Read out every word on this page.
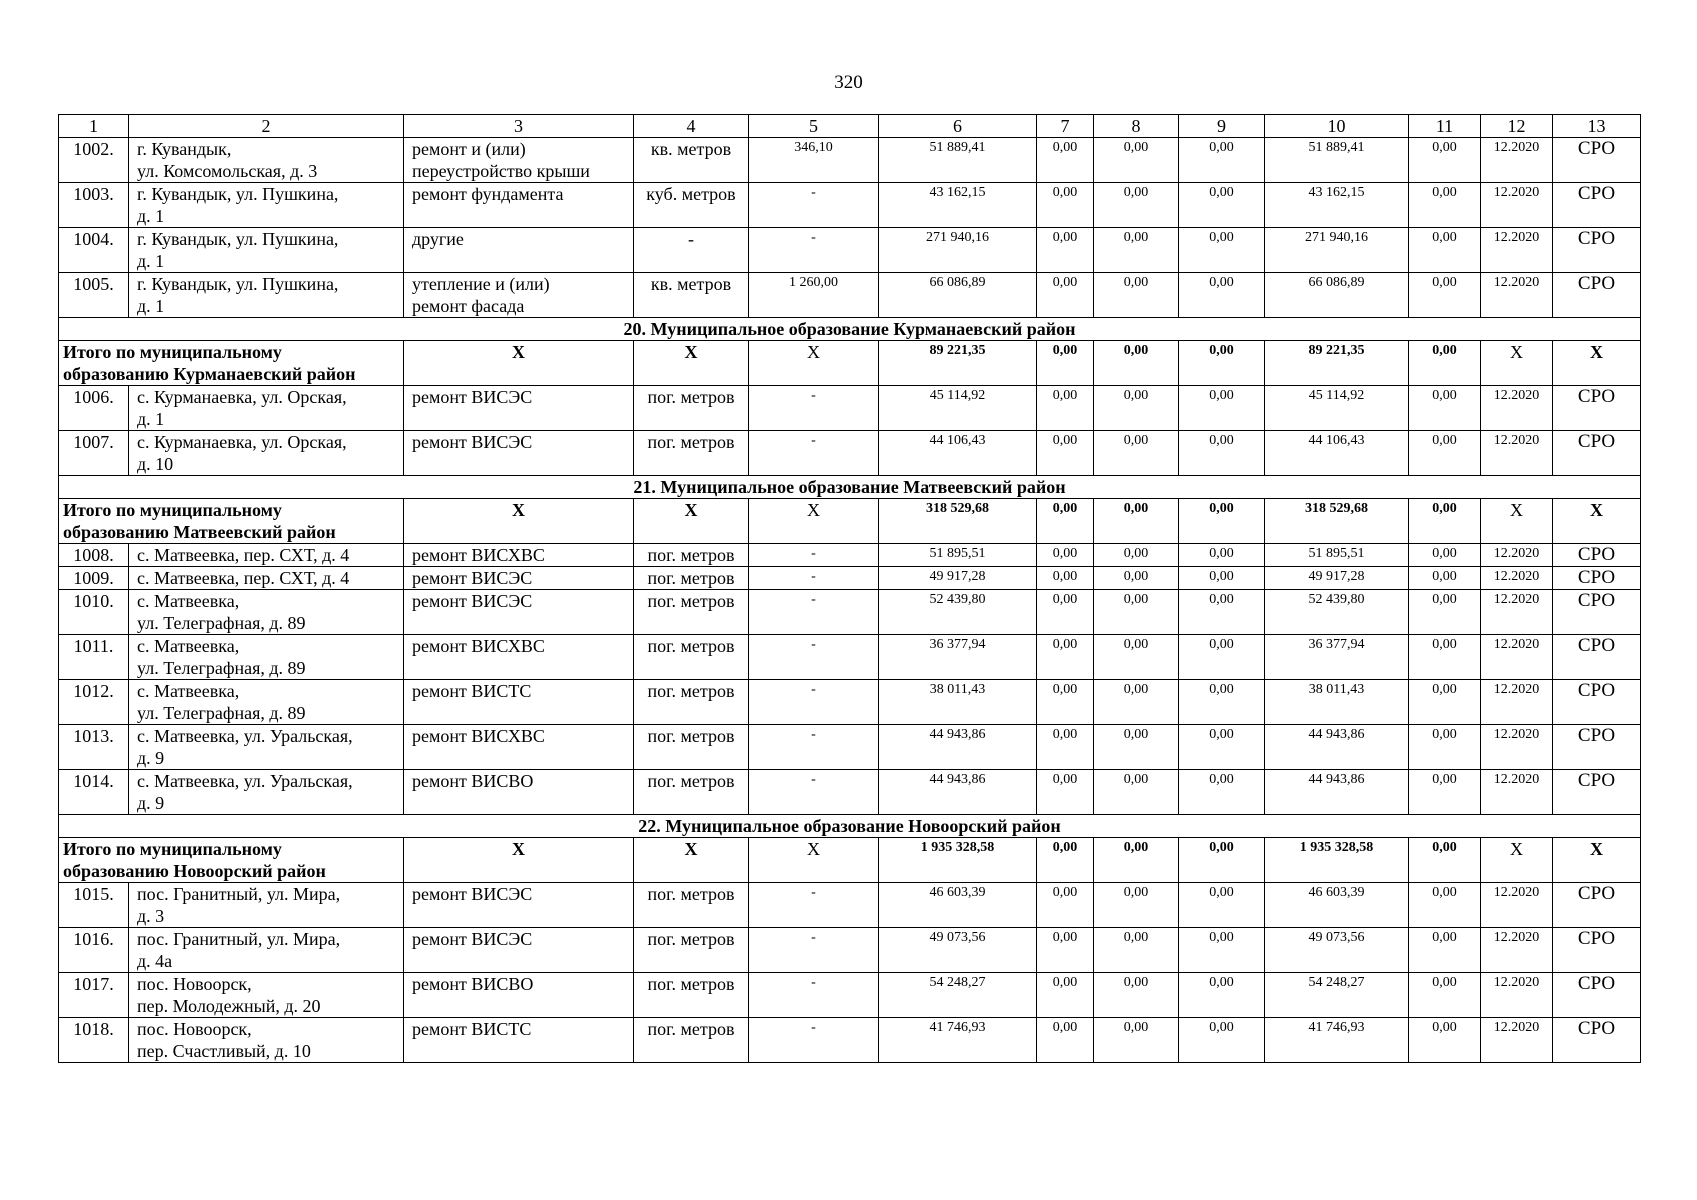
320
1	2	3	4	5	6	7	8	9	10	11	12	13
1002.	г. Кувандык,
ул. Комсомольская, д. 3	ремонт и (или)
переустройство крыши	кв. метров	346,10	51 889,41	0,00	0,00	0,00	51 889,41	0,00	12.2020	СРО
1003.	г. Кувандык, ул. Пушкина,
д. 1	ремонт фундамента	куб. метров	-	43 162,15	0,00	0,00	0,00	43 162,15	0,00	12.2020	СРО
1004.	г. Кувандык, ул. Пушкина,
д. 1	другие	-	-	271 940,16	0,00	0,00	0,00	271 940,16	0,00	12.2020	СРО
1005.	г. Кувандык, ул. Пушкина,
д. 1	утепление и (или)
ремонт фасада	кв. метров	1 260,00	66 086,89	0,00	0,00	0,00	66 086,89	0,00	12.2020	СРО
20. Муниципальное образование Курманаевский район												

Итого по муниципальному
образованию Курманаевский район		X	X	X	89 221,35	0,00	0,00	0,00	89 221,35	0,00	X	X
1006.	с. Курманаевка, ул. Орская,
д. 1	ремонт ВИСЭС	пог. метров	-	45 114,92	0,00	0,00	0,00	45 114,92	0,00	12.2020	СРО
1007.	с. Курманаевка, ул. Орская,
д. 10	ремонт ВИСЭС	пог. метров	-	44 106,43	0,00	0,00	0,00	44 106,43	0,00	12.2020	СРО
21. Муниципальное образование Матвеевский район												

Итого по муниципальному
образованию Матвеевский район		X	X	X	318 529,68	0,00	0,00	0,00	318 529,68	0,00	X	X
1008.	с. Матвеевка, пер. СХТ, д. 4	ремонт ВИСХВС	пог. метров	-	51 895,51	0,00	0,00	0,00	51 895,51	0,00	12.2020	СРО
1009.	с. Матвеевка, пер. СХТ, д. 4	ремонт ВИСЭС	пог. метров	-	49 917,28	0,00	0,00	0,00	49 917,28	0,00	12.2020	СРО
1010.	с. Матвеевка,
ул. Телеграфная, д. 89	ремонт ВИСЭС	пог. метров	-	52 439,80	0,00	0,00	0,00	52 439,80	0,00	12.2020	СРО
1011.	с. Матвеевка,
ул. Телеграфная, д. 89	ремонт ВИСХВС	пог. метров	-	36 377,94	0,00	0,00	0,00	36 377,94	0,00	12.2020	СРО
1012.	с. Матвеевка,
ул. Телеграфная, д. 89	ремонт ВИСТС	пог. метров	-	38 011,43	0,00	0,00	0,00	38 011,43	0,00	12.2020	СРО
1013.	с. Матвеевка, ул. Уральская,
д. 9	ремонт ВИСХВС	пог. метров	-	44 943,86	0,00	0,00	0,00	44 943,86	0,00	12.2020	СРО
1014.	с. Матвеевка, ул. Уральская,
д. 9	ремонт ВИСВО	пог. метров	-	44 943,86	0,00	0,00	0,00	44 943,86	0,00	12.2020	СРО
22. Муниципальное образование Новоорский район												

Итого по муниципальному
образованию Новоорский район		X	X	X	1 935 328,58	0,00	0,00	0,00	1 935 328,58	0,00	X	X
1015.	пос. Гранитный, ул. Мира,
д. 3	ремонт ВИСЭС	пог. метров	-	46 603,39	0,00	0,00	0,00	46 603,39	0,00	12.2020	СРО
1016.	пос. Гранитный, ул. Мира,
д. 4а	ремонт ВИСЭС	пог. метров	-	49 073,56	0,00	0,00	0,00	49 073,56	0,00	12.2020	СРО
1017.	пос. Новоорск,
пер. Молодежный, д. 20	ремонт ВИСВО	пог. метров	-	54 248,27	0,00	0,00	0,00	54 248,27	0,00	12.2020	СРО
1018.	пос. Новоорск,
пер. Счастливый, д. 10	ремонт ВИСТС	пог. метров	-	41 746,93	0,00	0,00	0,00	41 746,93	0,00	12.2020	СРО
